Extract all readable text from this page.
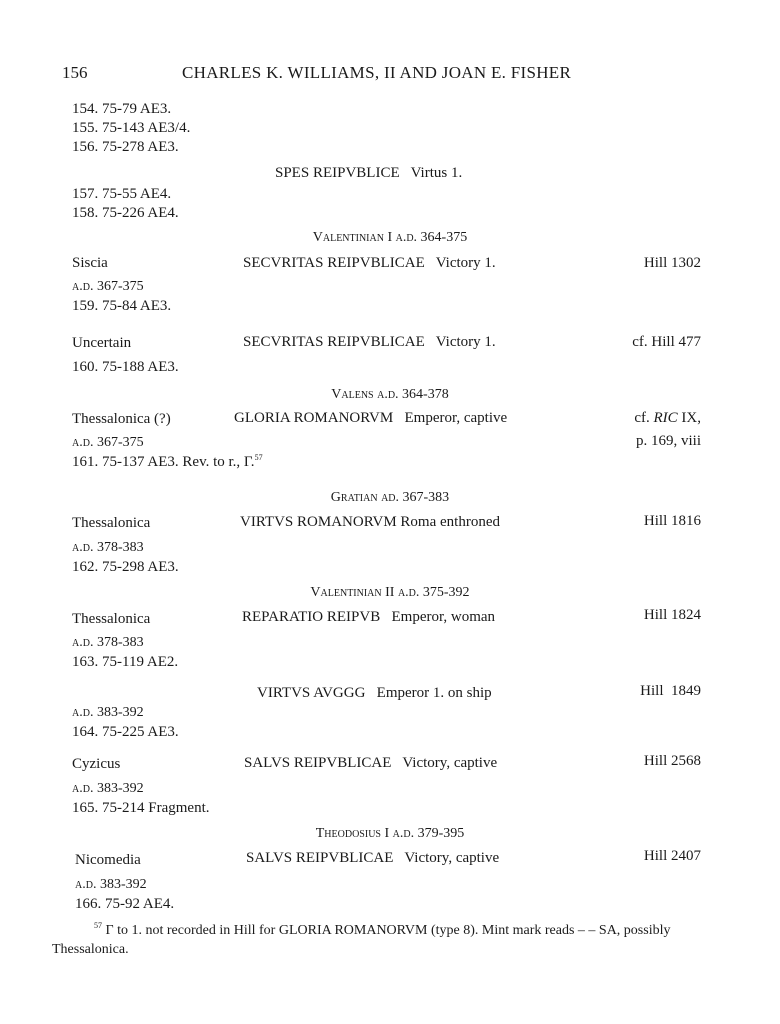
156	CHARLES K. WILLIAMS, II AND JOAN E. FISHER
154. 75-79 AE3.
155. 75-143 AE3/4.
156. 75-278 AE3.
SPES REIPVBLICE Virtus 1.
157. 75-55 AE4.
158. 75-226 AE4.
Valentinian I a.d. 364-375
Siscia	SECVRITAS REIPVBLICAE Victory 1.	Hill 1302
a.d. 367-375
159. 75-84 AE3.
Uncertain	SECVRITAS REIPVBLICAE Victory 1.	cf. Hill 477
160. 75-188 AE3.
Valens a.d. 364-378
Thessalonica (?)	GLORIA ROMANORVM Emperor, captive	cf. RIC IX,
a.d. 367-375	p. 169, viii
161. 75-137 AE3. Rev. to r., Γ.$^{57}$
Gratian ad. 367-383
Thessalonica	VIRTVS ROMANORVM Roma enthroned	Hill 1816
a.d. 378-383
162. 75-298 AE3.
Valentinian II a.d. 375-392
Thessalonica	REPARATIO REIPVB Emperor, woman	Hill 1824
a.d. 378-383
163. 75-119 AE2.
VIRTVS AVGGG Emperor 1. on ship	Hill  1849
a.d. 383-392
164. 75-225 AE3.
Cyzicus	SALVS REIPVBLICAE Victory, captive	Hill 2568
a.d. 383-392
165. 75-214 Fragment.
Theodosius I a.d. 379-395
Nicomedia	SALVS REIPVBLICAE Victory, captive	Hill 2407
a.d. 383-392
166. 75-92 AE4.
$^{57}$ Γ to 1. not recorded in Hill for GLORIA ROMANORVM (type 8). Mint mark reads – – SA, possibly Thessalonica.
